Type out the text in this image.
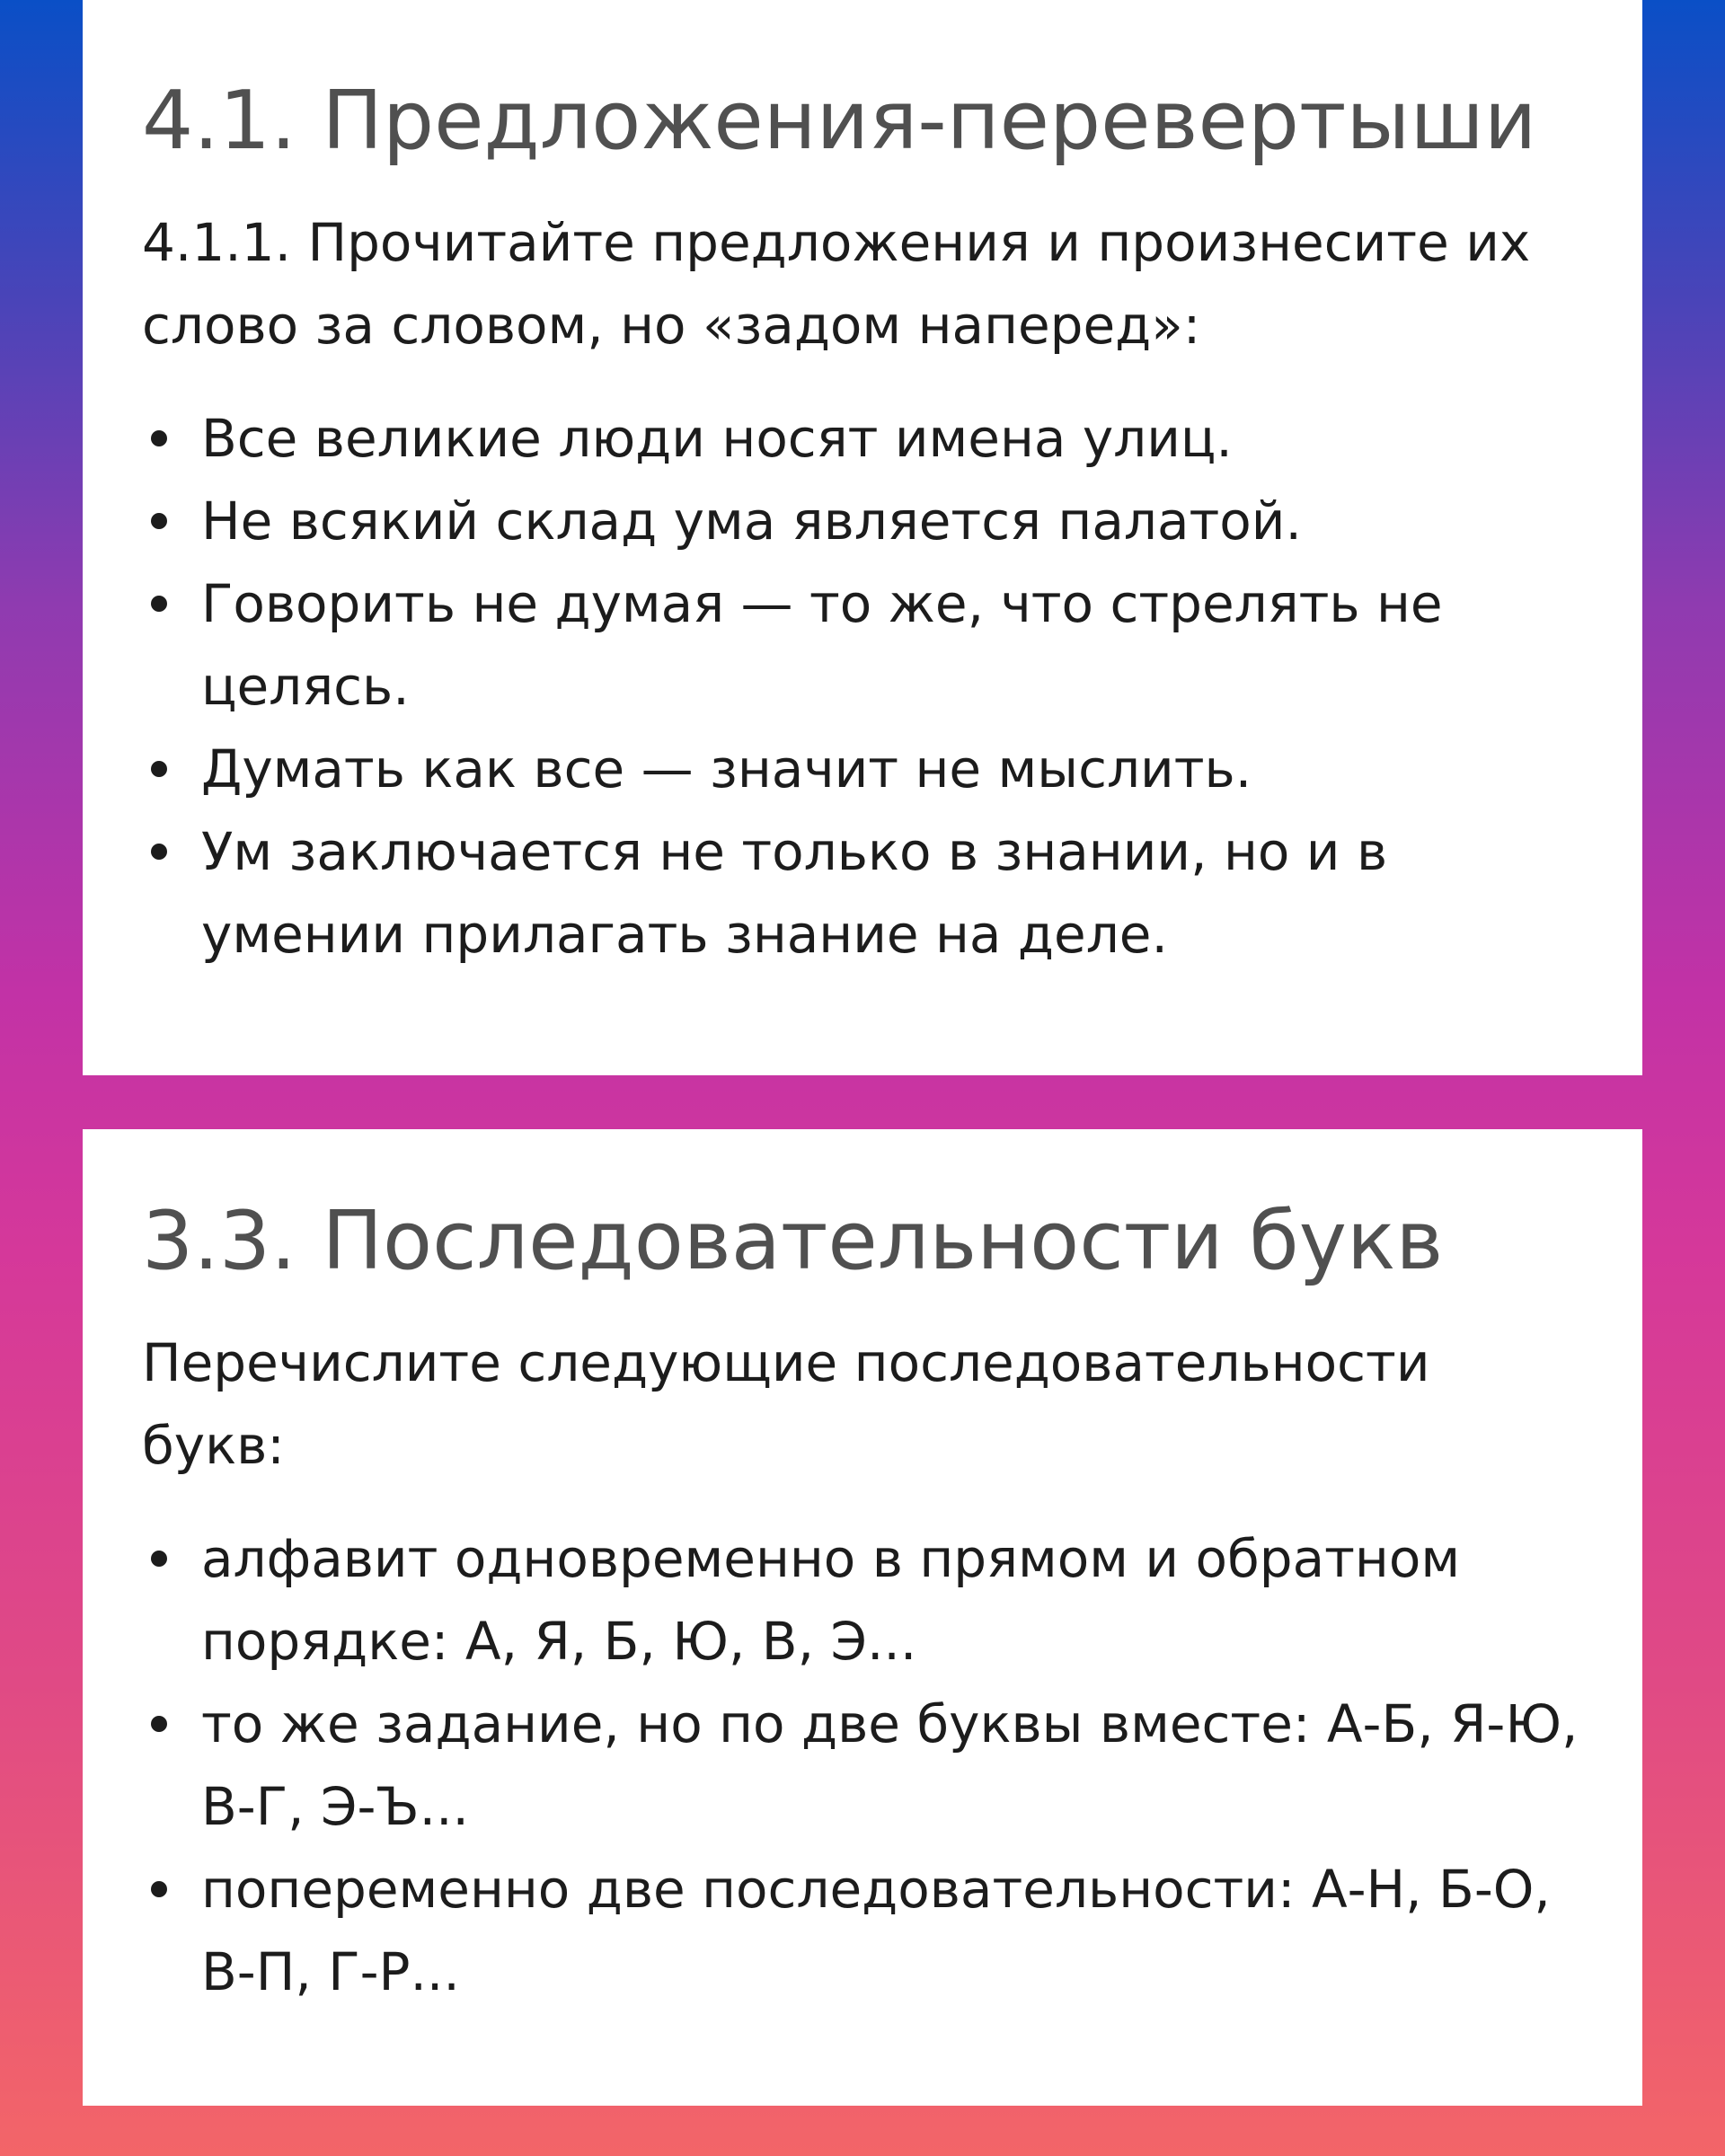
4.1. Предложения-перевертыши

4.1.1. Прочитайте предложения и произнесите их слово за словом, но «задом наперед»:

Все великие люди носят имена улиц.
Не всякий склад ума является палатой.
Говорить не думая — то же, что стрелять не целясь.
Думать как все — значит не мыслить.
Ум заключается не только в знании, но и в умении прилагать знание на деле.
3.3. Последовательности букв

Перечислите следующие последовательности букв:

алфавит одновременно в прямом и обратном порядке: А, Я, Б, Ю, В, Э...
то же задание, но по две буквы вместе: А-Б, Я-Ю, В-Г, Э-Ъ...
попеременно две последовательности: А-Н, Б-О, В-П, Г-Р...
